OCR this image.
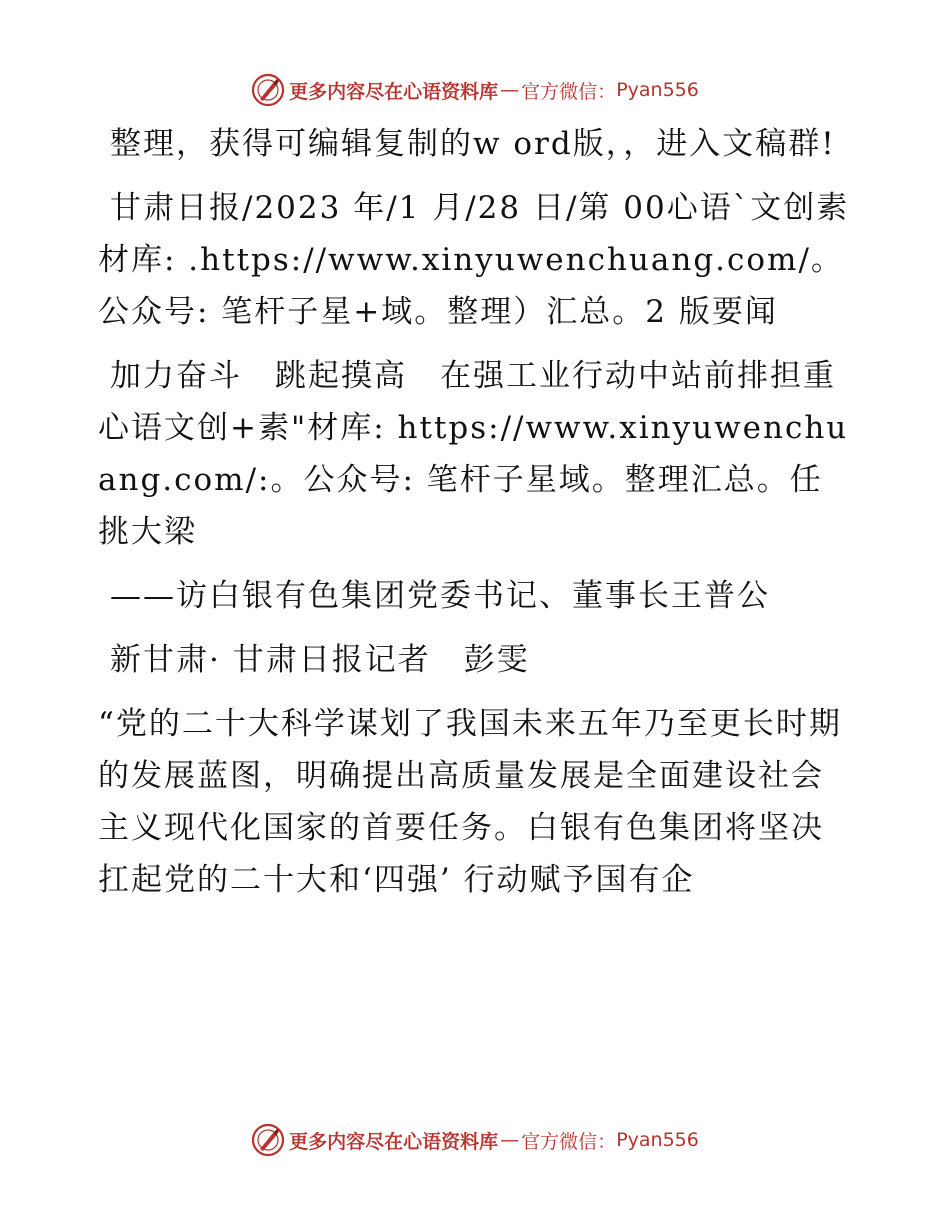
更多内容尽在心语资料库 — 官方微信： Pyan556

整理，获得可编辑复制的w ord版，，进入文稿群!

甘肃日报/2023 年/1 月/28 日/第 00心语`文创素材库: .https://www.xinyuwenchuang.com/。公众号: 笔杆子星+域。整理）汇总。2 版要闻

加力奋斗　跳起摸高　在强工业行动中站前排担重心语文创+素"材库: https://www.xinyuwenchuang.com/:。公众号: 笔杆子星域。整理汇总。任挑大梁

——访白银有色集团党委书记、董事长王普公

新甘肃· 甘肃日报记者　彭雯

“党的二十大科学谋划了我国未来五年乃至更长时期的发展蓝图，明确提出高质量发展是全面建设社会主义现代化国家的首要任务。白银有色集团将坚决扛起党的二十大和‘四强’ 行动赋予国有企

更多内容尽在心语资料库 — 官方微信： Pyan556
